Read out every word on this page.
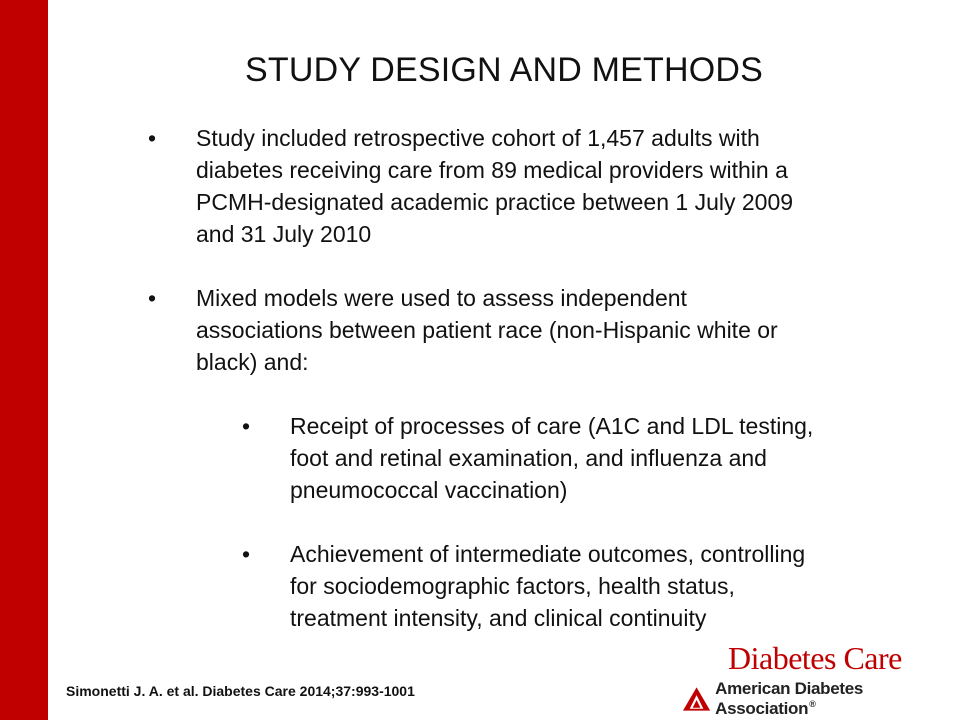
STUDY DESIGN AND METHODS
•	Study included retrospective cohort of 1,457 adults with
diabetes receiving care from 89 medical providers within a
PCMH-designated academic practice between 1 July 2009
and 31 July 2010
•	Mixed models were used to assess independent
associations between patient race (non-Hispanic white or
black) and:
•	Receipt of processes of care (A1C and LDL testing,
foot and retinal examination, and influenza and
pneumococcal vaccination)
•	Achievement of intermediate outcomes, controlling
for sociodemographic factors, health status,
treatment intensity, and clinical continuity
Simonetti J. A. et al. Diabetes Care 2014;37:993-1001
Diabetes Care
American Diabetes Association®
